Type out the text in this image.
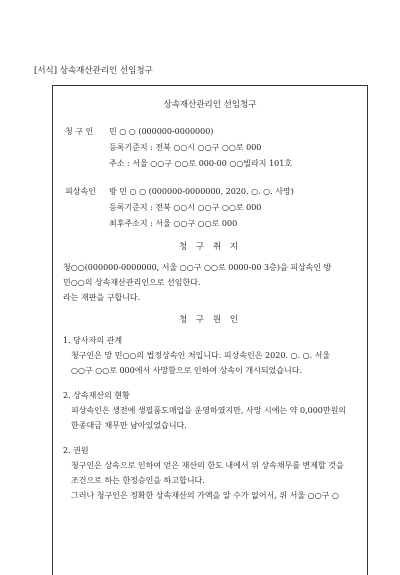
[서식] 상속재산관리인 선임청구
상속재산관리인 선임청구
청 구 인 민 ○ ○ (000000-0000000)
등록기준지 : 전북 ○○시 ○○구 ○○로 000
주소 : 서울 ○○구 ○○로 000-00 ○○빌라지 101호
피상속인 방 민 ○ ○ (000000-0000000, 2020. ○. ○. 사망)
등록기준지 : 전북 ○○시 ○○구 ○○로 000
최후주소지 : 서울 ○○구 ○○로 000
청 구 취 지
청○○(000000-0000000, 서울 ○○구 ○○로 0000-00 3층)을 피상속인 방
민○○의 상속재산관리인으로 선임한다.
라는 재판을 구합니다.
청 구 원 인
1. 당사자의 관계
청구인은 망 민○○의 법정상속인 처입니다. 피상속인은 2020. ○. ○. 서울
○○구 ○○로 000에서 사망함으로 인하여 상속이 개시되었습니다.
2. 상속재산의 현황
피상속인은 생전에 생필품도매업을 운영하였지만, 사망 시에는 약 0,000만원의
한종대금 채무만 남아있었습니다.
2. 권원
청구인은 상속으로 인하여 얻은 재산의 한도 내에서 위 상속채무를 변제할 것을
조건으로 하는 한정승인을 하고합니다.
그러나 청구인은 정확한 상속재산의 가액을 알 수가 없어서, 위 서울 ○○구 ○
